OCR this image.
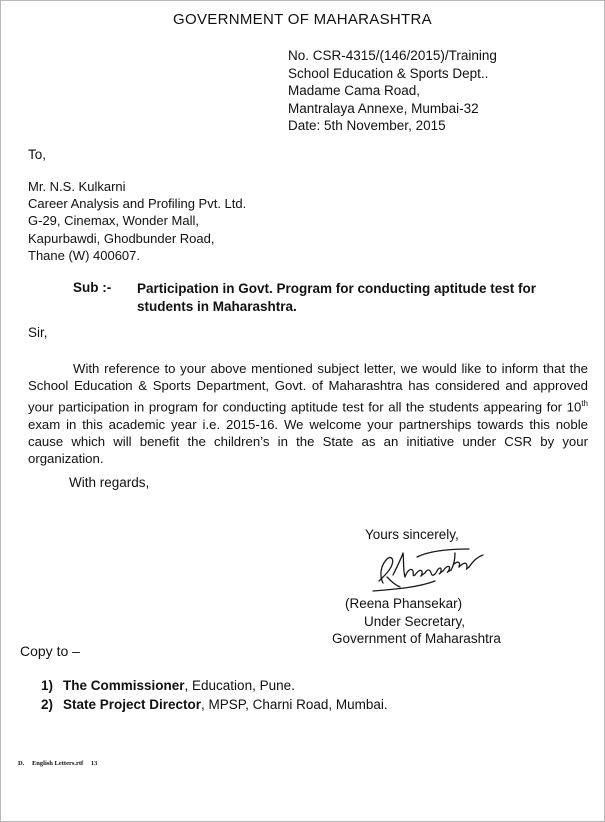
GOVERNMENT OF MAHARASHTRA
No. CSR-4315/(146/2015)/Training
School Education & Sports Dept..
Madame Cama Road,
Mantralaya Annexe, Mumbai-32
Date: 5th November, 2015
To,
Mr. N.S. Kulkarni
Career Analysis and Profiling Pvt. Ltd.
G-29, Cinemax, Wonder Mall,
Kapurbawdi, Ghodbunder Road,
Thane (W) 400607.
Sub :- Participation in Govt. Program for conducting aptitude test for students in Maharashtra.
Sir,
With reference to your above mentioned subject letter, we would like to inform that the School Education & Sports Department, Govt. of Maharashtra has considered and approved your participation in program for conducting aptitude test for all the students appearing for 10th exam in this academic year i.e. 2015-16. We welcome your partnerships towards this noble cause which will benefit the children’s in the State as an initiative under CSR by your organization.
With regards,
Yours sincerely,
(Reena Phansekar)
Under Secretary,
Government of Maharashtra
Copy to –
1) The Commissioner, Education, Pune.
2) State Project Director, MPSP, Charni Road, Mumbai.
D. English Letters.rtf 13
